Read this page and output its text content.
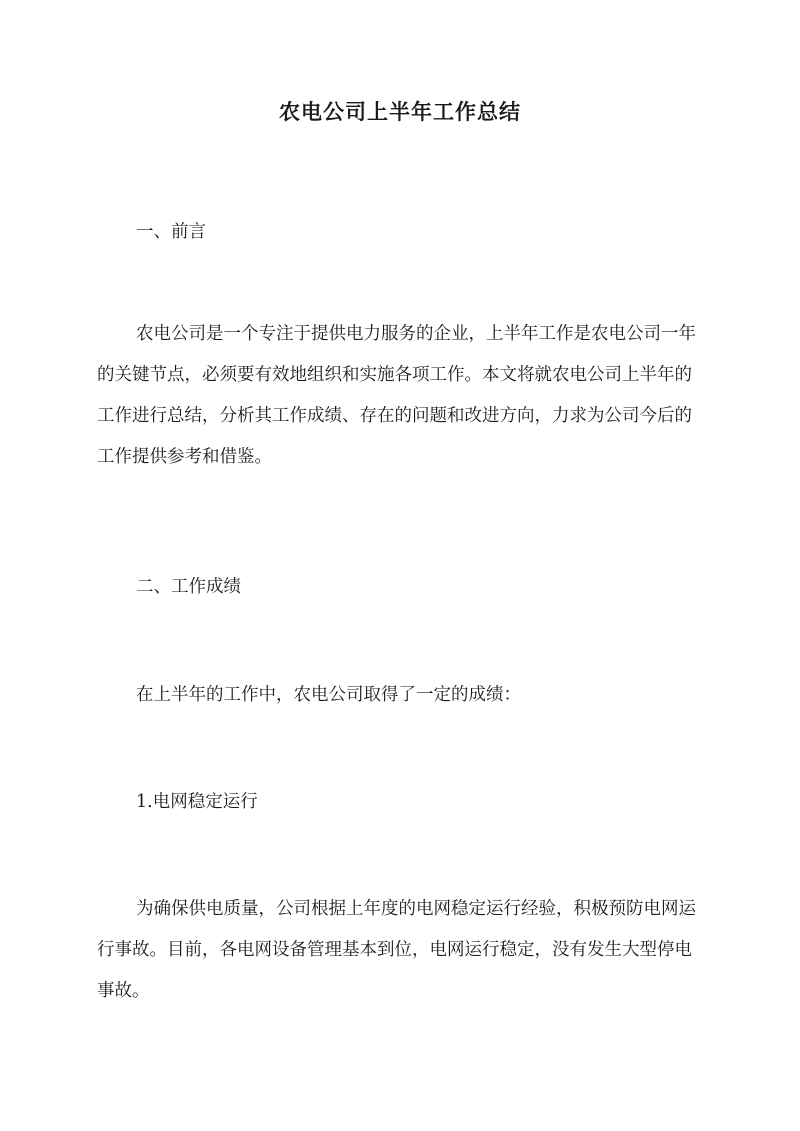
农电公司上半年工作总结

一、前言

农电公司是一个专注于提供电力服务的企业，上半年工作是农电公司一年的关键节点，必须要有效地组织和实施各项工作。本文将就农电公司上半年的工作进行总结，分析其工作成绩、存在的问题和改进方向，力求为公司今后的工作提供参考和借鉴。

二、工作成绩

在上半年的工作中，农电公司取得了一定的成绩：

1.电网稳定运行

为确保供电质量，公司根据上年度的电网稳定运行经验，积极预防电网运行事故。目前，各电网设备管理基本到位，电网运行稳定，没有发生大型停电事故。
